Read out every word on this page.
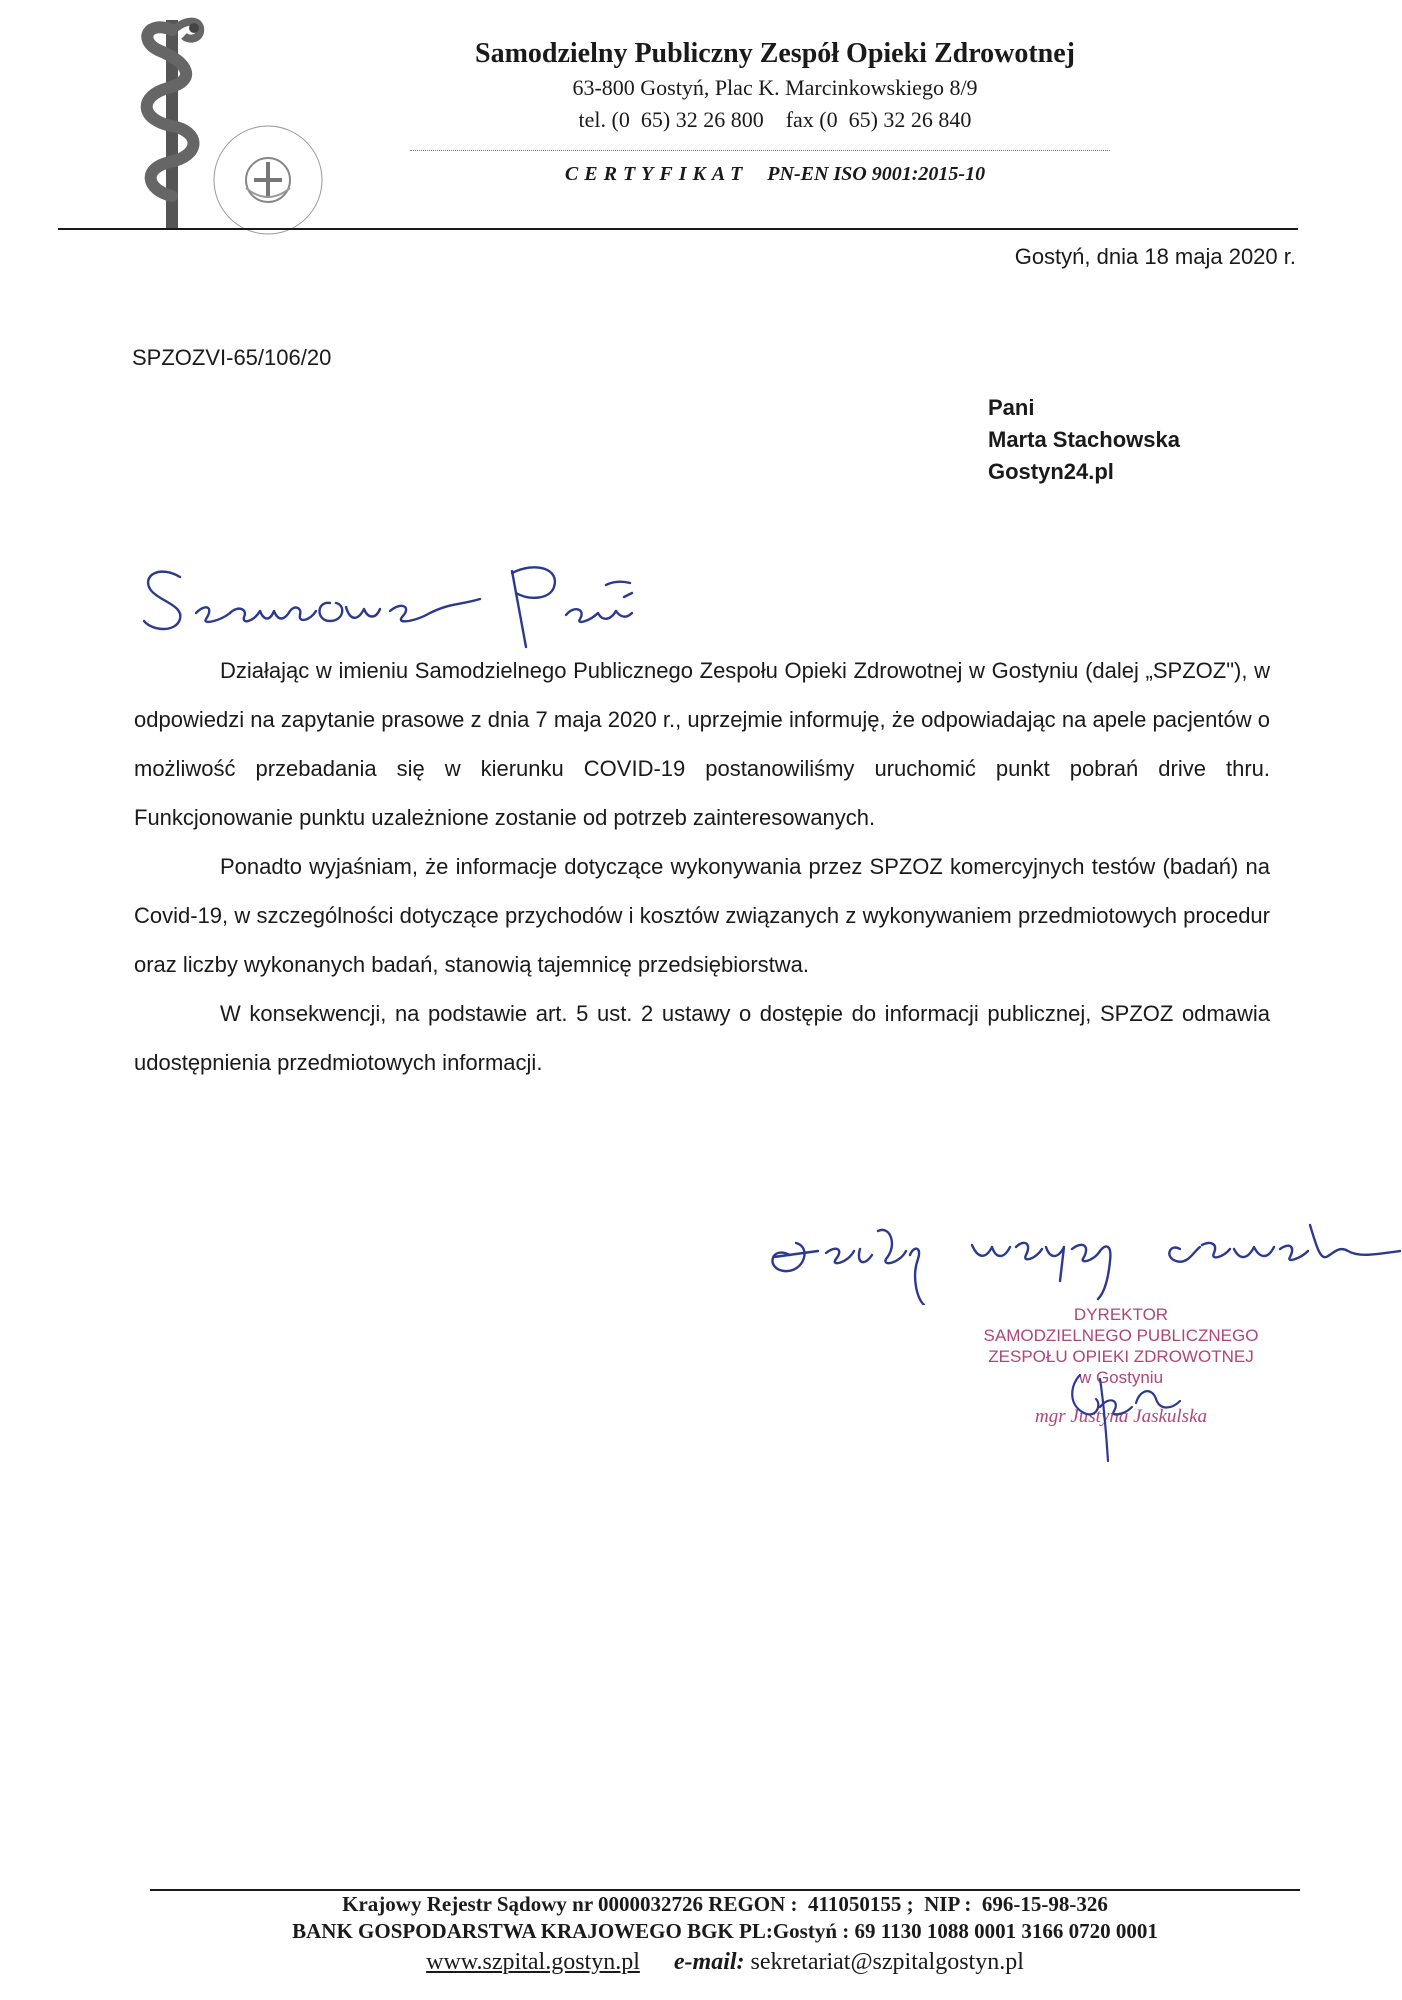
Samodzielny Publiczny Zespół Opieki Zdrowotnej
63-800 Gostyń, Plac K. Marcinkowskiego 8/9
tel. (0  65) 32 26 800    fax (0  65) 32 26 840
CERTYFIKAT PN-EN ISO 9001:2015-10
Gostyń, dnia 18 maja 2020 r.
SPZOZVI-65/106/20
Pani
Marta Stachowska
Gostyn24.pl

Działając w imieniu Samodzielnego Publicznego Zespołu Opieki Zdrowotnej w Gostyniu (dalej „SPZOZ"), w odpowiedzi na zapytanie prasowe z dnia 7 maja 2020 r., uprzejmie informuję, że odpowiadając na apele pacjentów o możliwość przebadania się w kierunku COVID-19 postanowiliśmy uruchomić punkt pobrań drive thru. Funkcjonowanie punktu uzależnione zostanie od potrzeb zainteresowanych.

Ponadto wyjaśniam, że informacje dotyczące wykonywania przez SPZOZ komercyjnych testów (badań) na Covid-19, w szczególności dotyczące przychodów i kosztów związanych z wykonywaniem przedmiotowych procedur oraz liczby wykonanych badań, stanowią tajemnicę przedsiębiorstwa.

W konsekwencji, na podstawie art. 5 ust. 2 ustawy o dostępie do informacji publicznej, SPZOZ odmawia udostępnienia przedmiotowych informacji.

DYREKTOR
SAMODZIELNEGO PUBLICZNEGO
ZESPOŁU OPIEKI ZDROWOTNEJ
w Gostyniu
mgr Justyna Jaskulska
Krajowy Rejestr Sądowy nr 0000032726 REGON :  411050155 ;  NIP :  696-15-98-326
BANK GOSPODARSTWA KRAJOWEGO BGK PL:Gostyń : 69 1130 1088 0001 3166 0720 0001
www.szpital.gostyn.pl e-mail: sekretariat@szpitalgostyn.pl
